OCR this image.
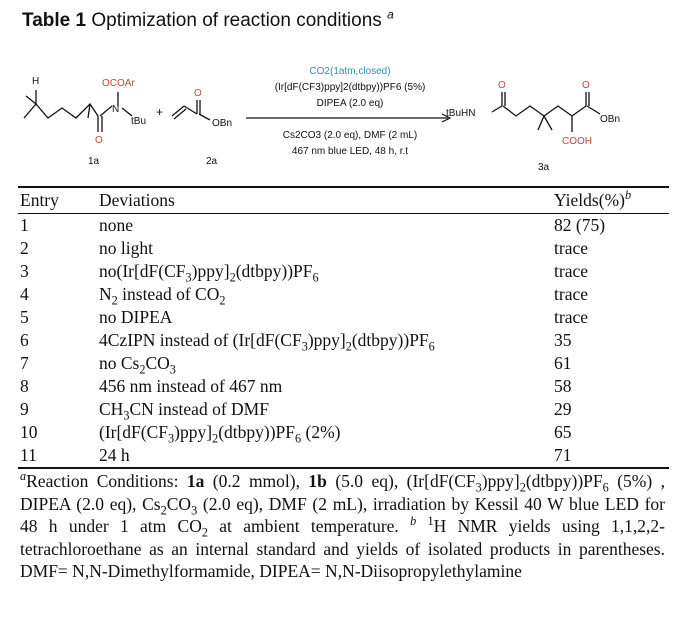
Table 1 Optimization of reaction conditions $^a$
H	OCOAr
N
tBu
O
1a
+
O
OBn
2a
CO2(1atm,closed)
(Ir[dF(CF3)ppy]2(dtbpy))PF6 (5%)
DIPEA (2.0 eq)
Cs2CO3 (2.0 eq), DMF (2 mL)
467 nm blue LED, 48 h, r.t
tBuHN
O	O
OBn
COOH
3a
Entry	Deviations	Yields(%)$^b$
1	none	82 (75)
2	no light	trace
3	$no(Ir[dF(CF_3)ppy]_2(dtbpy))PF_6$	trace
4	$N_2$ instead of $CO_2$	trace
5	no DIPEA	trace
6	4CzIPN instead of $(Ir[dF(CF_3)ppy]_2(dtbpy))PF_6$	35
7	no $Cs_2CO_3$	61
8	456 nm instead of 467 nm	58
9	$CH_3CN$ instead of DMF	29
10	$(Ir[dF(CF_3)ppy]_2(dtbpy))PF_6$ (2%)	65
11	24 h	71
$^a$Reaction Conditions: 1a (0.2 mmol), 1b (5.0 eq), $(Ir[dF(CF_3)ppy]_2(dtbpy))PF_6$ (5%) , DIPEA (2.0 eq), $Cs_2CO_3$ (2.0 eq), DMF (2 mL), irradiation by Kessil 40 W blue LED for 48 h under 1 atm $CO_2$ at ambient temperature. $^b$ $^1$H NMR yields using 1,1,2,2-tetrachloroethane as an internal standard and yields of isolated products in parentheses. DMF= N,N-Dimethylformamide, DIPEA= N,N-Diisopropylethylamine
